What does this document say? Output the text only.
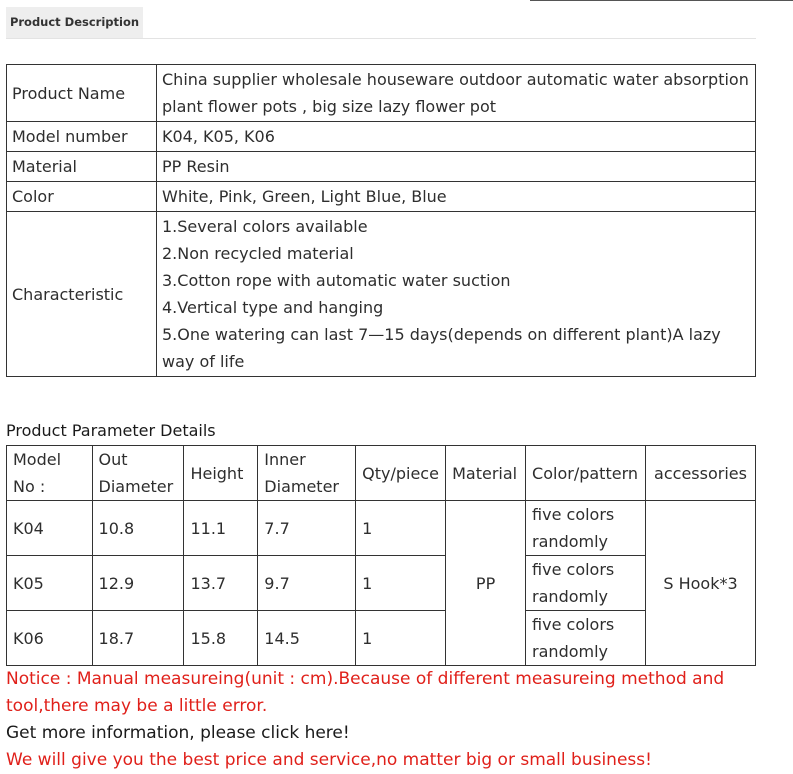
Product Description
Product Name	China supplier wholesale houseware outdoor automatic water absorption plant flower pots , big size lazy flower pot
Model number	K04, K05, K06
Material	PP Resin
Color	White, Pink, Green, Light Blue, Blue
Characteristic	1.Several colors available
2.Non recycled material
3.Cotton rope with automatic water suction
4.Vertical type and hanging
5.One watering can last 7—15 days(depends on different plant)A lazy way of life
Product Parameter Details
Model No :	Out Diameter	Height	Inner Diameter	Qty/piece	Material	Color/pattern	accessories
K04	10.8	11.1	7.7	1	PP	five colors randomly	S Hook*3
K05	12.9	13.7	9.7	1		five colors randomly	
K06	18.7	15.8	14.5	1		five colors randomly	
Notice : Manual measureing(unit : cm).Because of different measureing method and tool,there may be a little error.
Get more information, please click here!
We will give you the best price and service,no matter big or small business!
